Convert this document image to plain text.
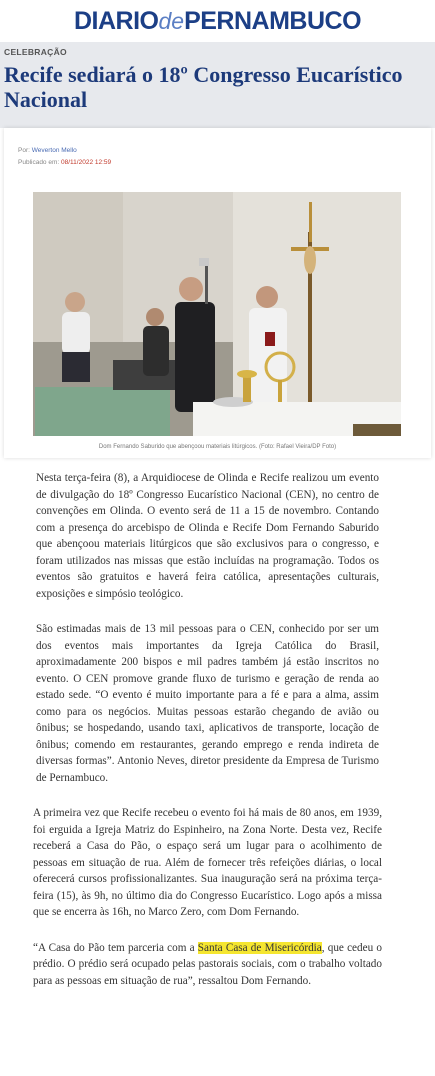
DIARIOdePERNAMBUCO
CELEBRAÇÃO
Recife sediará o 18º Congresso Eucarístico Nacional
Por: Weverton Mello
Publicado em: 08/11/2022 12:59
Dom Fernando Saburido que abençoou materiais litúrgicos. (Foto: Rafael Vieira/DP Foto)

Nesta terça-feira (8), a Arquidiocese de Olinda e Recife realizou um evento de divulgação do 18º Congresso Eucarístico Nacional (CEN), no centro de convenções em Olinda. O evento será de 11 a 15 de novembro. Contando com a presença do arcebispo de Olinda e Recife Dom Fernando Saburido que abençoou materiais litúrgicos que são exclusivos para o congresso, e foram utilizados nas missas que estão incluídas na programação. Todos os eventos são gratuitos e haverá feira católica, apresentações culturais, exposições e simpósio teológico.

São estimadas mais de 13 mil pessoas para o CEN, conhecido por ser um dos eventos mais importantes da Igreja Católica do Brasil, aproximadamente 200 bispos e mil padres também já estão inscritos no evento. O CEN promove grande fluxo de turismo e geração de renda ao estado sede. “O evento é muito importante para a fé e para a alma, assim como para os negócios. Muitas pessoas estarão chegando de avião ou ônibus; se hospedando, usando taxi, aplicativos de transporte, locação de ônibus; comendo em restaurantes, gerando emprego e renda indireta de diversas formas”. Antonio Neves, diretor presidente da Empresa de Turismo de Pernambuco.

A primeira vez que Recife recebeu o evento foi há mais de 80 anos, em 1939, foi erguida a Igreja Matriz do Espinheiro, na Zona Norte. Desta vez, Recife receberá a Casa do Pão, o espaço será um lugar para o acolhimento de pessoas em situação de rua. Além de fornecer três refeições diárias, o local oferecerá cursos profissionalizantes. Sua inauguração será na próxima terça-feira (15), às 9h, no último dia do Congresso Eucarístico. Logo após a missa que se encerra às 16h, no Marco Zero, com Dom Fernando.

“A Casa do Pão tem parceria com a Santa Casa de Misericórdia, que cedeu o prédio. O prédio será ocupado pelas pastorais sociais, com o trabalho voltado para as pessoas em situação de rua”, ressaltou Dom Fernando.
